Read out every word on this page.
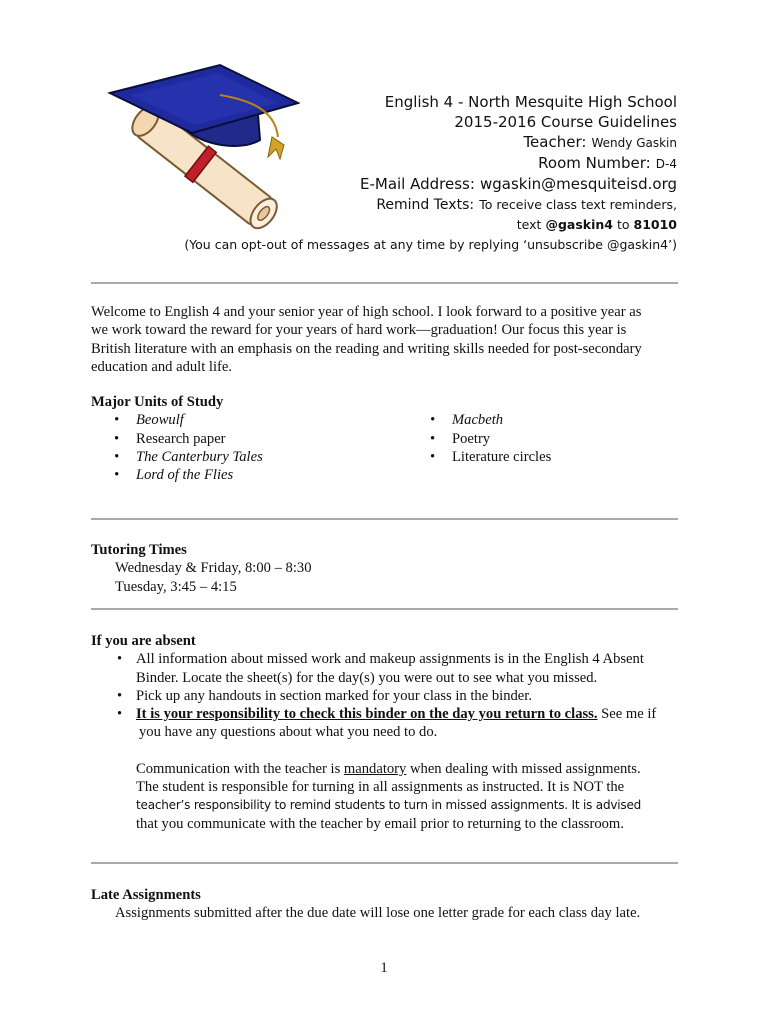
English 4 - North Mesquite High School
2015-2016 Course Guidelines
Teacher: Wendy Gaskin
Room Number: D-4
E-Mail Address: wgaskin@mesquiteisd.org
Remind Texts: To receive class text reminders,
text @gaskin4 to 81010
(You can opt-out of messages at any time by replying ‘unsubscribe @gaskin4’)
Welcome to English 4 and your senior year of high school. I look forward to a positive year as
we work toward the reward for your years of hard work—graduation! Our focus this year is
British literature with an emphasis on the reading and writing skills needed for post-secondary
education and adult life.
Major Units of Study
• Beowulf
• Research paper
• The Canterbury Tales
• Lord of the Flies
• Macbeth
• Poetry
• Literature circles
Tutoring Times
Wednesday & Friday, 8:00 – 8:30
Tuesday, 3:45 – 4:15
If you are absent
• All information about missed work and makeup assignments is in the English 4 Absent
Binder. Locate the sheet(s) for the day(s) you were out to see what you missed.
• Pick up any handouts in section marked for your class in the binder.
• It is your responsibility to check this binder on the day you return to class. See me if
you have any questions about what you need to do.
Communication with the teacher is mandatory when dealing with missed assignments.
The student is responsible for turning in all assignments as instructed. It is NOT the
teacher’s responsibility to remind students to turn in missed assignments. It is advised
that you communicate with the teacher by email prior to returning to the classroom.
Late Assignments
Assignments submitted after the due date will lose one letter grade for each class day late.
1
